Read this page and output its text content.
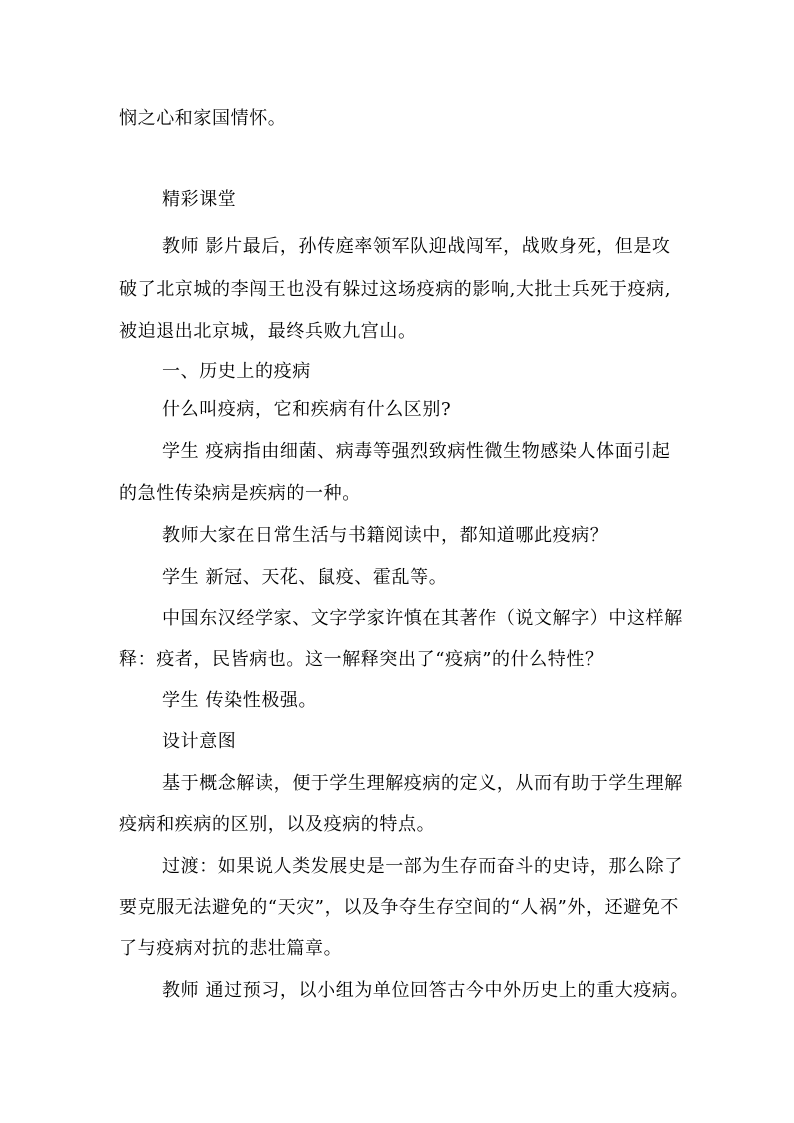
悯之心和家国情怀。
精彩课堂
教师 影片最后，孙传庭率领军队迎战闯军，战败身死，但是攻
破了北京城的李闯王也没有躲过这场疫病的影响,大批士兵死于疫病,
被迫退出北京城，最终兵败九宫山。
一、历史上的疫病
什么叫疫病，它和疾病有什么区别?
学生 疫病指由细菌、病毒等强烈致病性微生物感染人体面引起
的急性传染病是疾病的一种。
教师大家在日常生活与书籍阅读中，都知道哪此疫病？
学生 新冠、天花、鼠疫、霍乱等。
中国东汉经学家、文字学家许慎在其著作（说文解字）中这样解
释：疫者，民皆病也。这一解释突出了“疫病”的什么特性？
学生 传染性极强。
设计意图
基于概念解读，便于学生理解疫病的定义，从而有助于学生理解
疫病和疾病的区别，以及疫病的特点。
过渡：如果说人类发展史是一部为生存而奋斗的史诗，那么除了
要克服无法避免的“天灾”，以及争夺生存空间的“人祸”外，还避免不
了与疫病对抗的悲壮篇章。
教师 通过预习，以小组为单位回答古今中外历史上的重大疫病。
